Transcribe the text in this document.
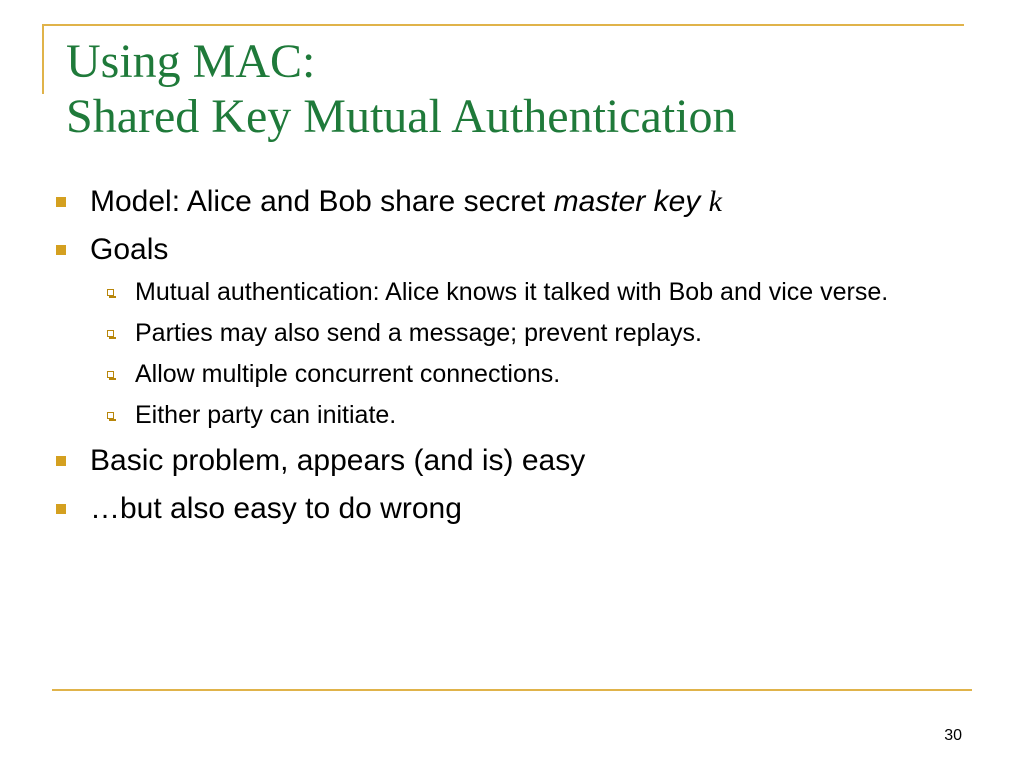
Using MAC:
Shared Key Mutual Authentication
Model: Alice and Bob share secret master key k
Goals
Mutual authentication: Alice knows it talked with Bob and vice verse.
Parties may also send a message; prevent replays.
Allow multiple concurrent connections.
Either party can initiate.
Basic problem, appears (and is) easy
…but also easy to do wrong
30
